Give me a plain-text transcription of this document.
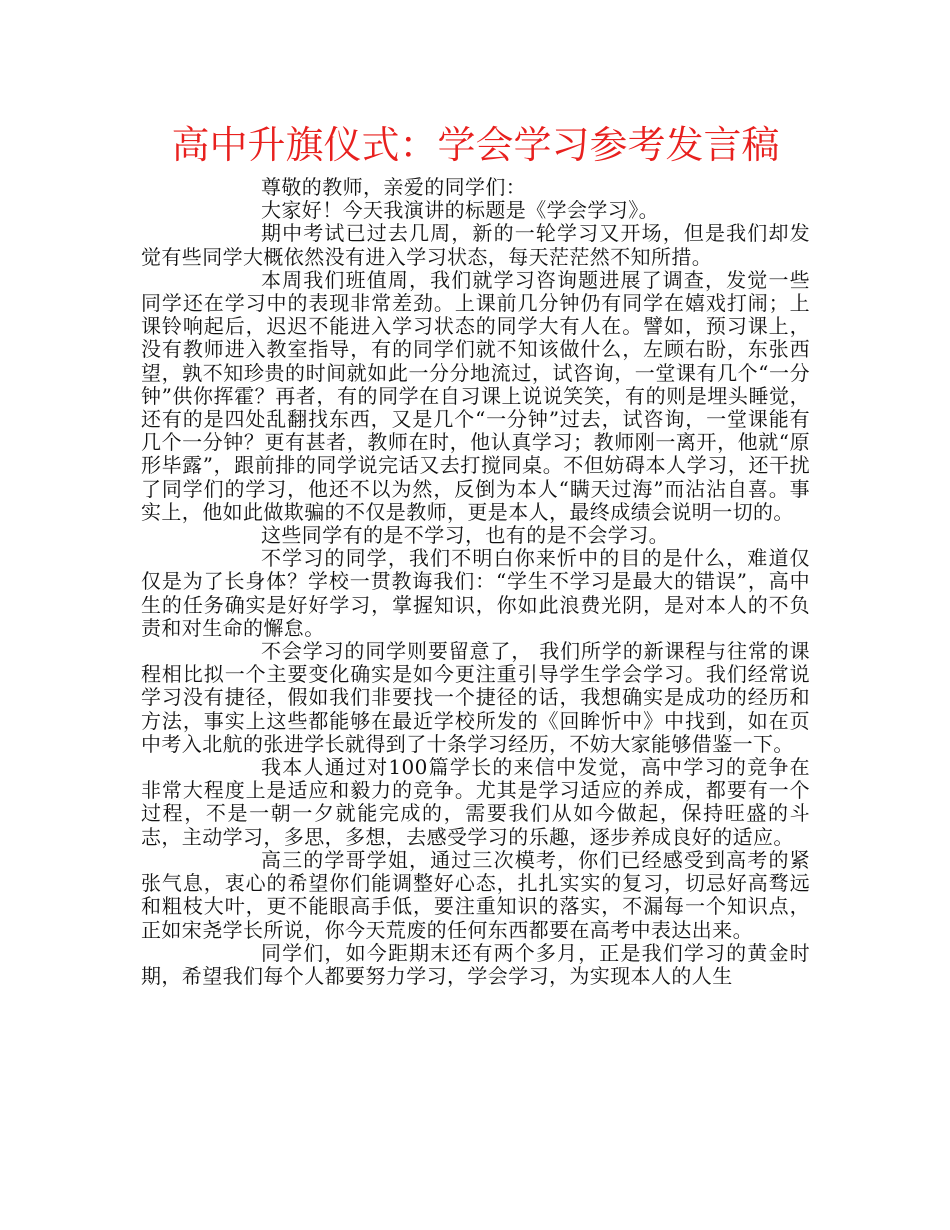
高中升旗仪式：学会学习参考发言稿

尊敬的教师，亲爱的同学们：

大家好！今天我演讲的标题是《学会学习》。

期中考试已过去几周，新的一轮学习又开场，但是我们却发觉有些同学大概依然没有进入学习状态，每天茫茫然不知所措。

本周我们班值周，我们就学习咨询题进展了调查，发觉一些同学还在学习中的表现非常差劲。上课前几分钟仍有同学在嬉戏打闹；上课铃响起后，迟迟不能进入学习状态的同学大有人在。譬如，预习课上，没有教师进入教室指导，有的同学们就不知该做什么，左顾右盼，东张西望，孰不知珍贵的时间就如此一分分地流过，试咨询，一堂课有几个“一分钟”供你挥霍？再者，有的同学在自习课上说说笑笑，有的则是埋头睡觉，还有的是四处乱翻找东西，又是几个“一分钟”过去，试咨询，一堂课能有几个一分钟？更有甚者，教师在时，他认真学习；教师刚一离开，他就“原形毕露”，跟前排的同学说完话又去打搅同桌。不但妨碍本人学习，还干扰了同学们的学习，他还不以为然，反倒为本人“瞒天过海”而沾沾自喜。事实上，他如此做欺骗的不仅是教师，更是本人，最终成绩会说明一切的。

这些同学有的是不学习，也有的是不会学习。

不学习的同学，我们不明白你来忻中的目的是什么，难道仅仅是为了长身体？学校一贯教诲我们：“学生不学习是最大的错误”，高中生的任务确实是好好学习，掌握知识，你如此浪费光阴，是对本人的不负责和对生命的懈怠。

不会学习的同学则要留意了， 我们所学的新课程与往常的课程相比拟一个主要变化确实是如今更注重引导学生学会学习。我们经常说学习没有捷径，假如我们非要找一个捷径的话，我想确实是成功的经历和方法，事实上这些都能够在最近学校所发的《回眸忻中》中找到，如在页中考入北航的张进学长就得到了十条学习经历，不妨大家能够借鉴一下。

我本人通过对100篇学长的来信中发觉，高中学习的竞争在非常大程度上是适应和毅力的竞争。尤其是学习适应的养成，都要有一个过程，不是一朝一夕就能完成的，需要我们从如今做起，保持旺盛的斗志，主动学习，多思，多想，去感受学习的乐趣，逐步养成良好的适应。

高三的学哥学姐，通过三次模考，你们已经感受到高考的紧张气息，衷心的希望你们能调整好心态，扎扎实实的复习，切忌好高骛远和粗枝大叶，更不能眼高手低，要注重知识的落实，不漏每一个知识点，正如宋尧学长所说，你今天荒废的任何东西都要在高考中表达出来。

同学们，如今距期末还有两个多月，正是我们学习的黄金时期，希望我们每个人都要努力学习，学会学习，为实现本人的人生
